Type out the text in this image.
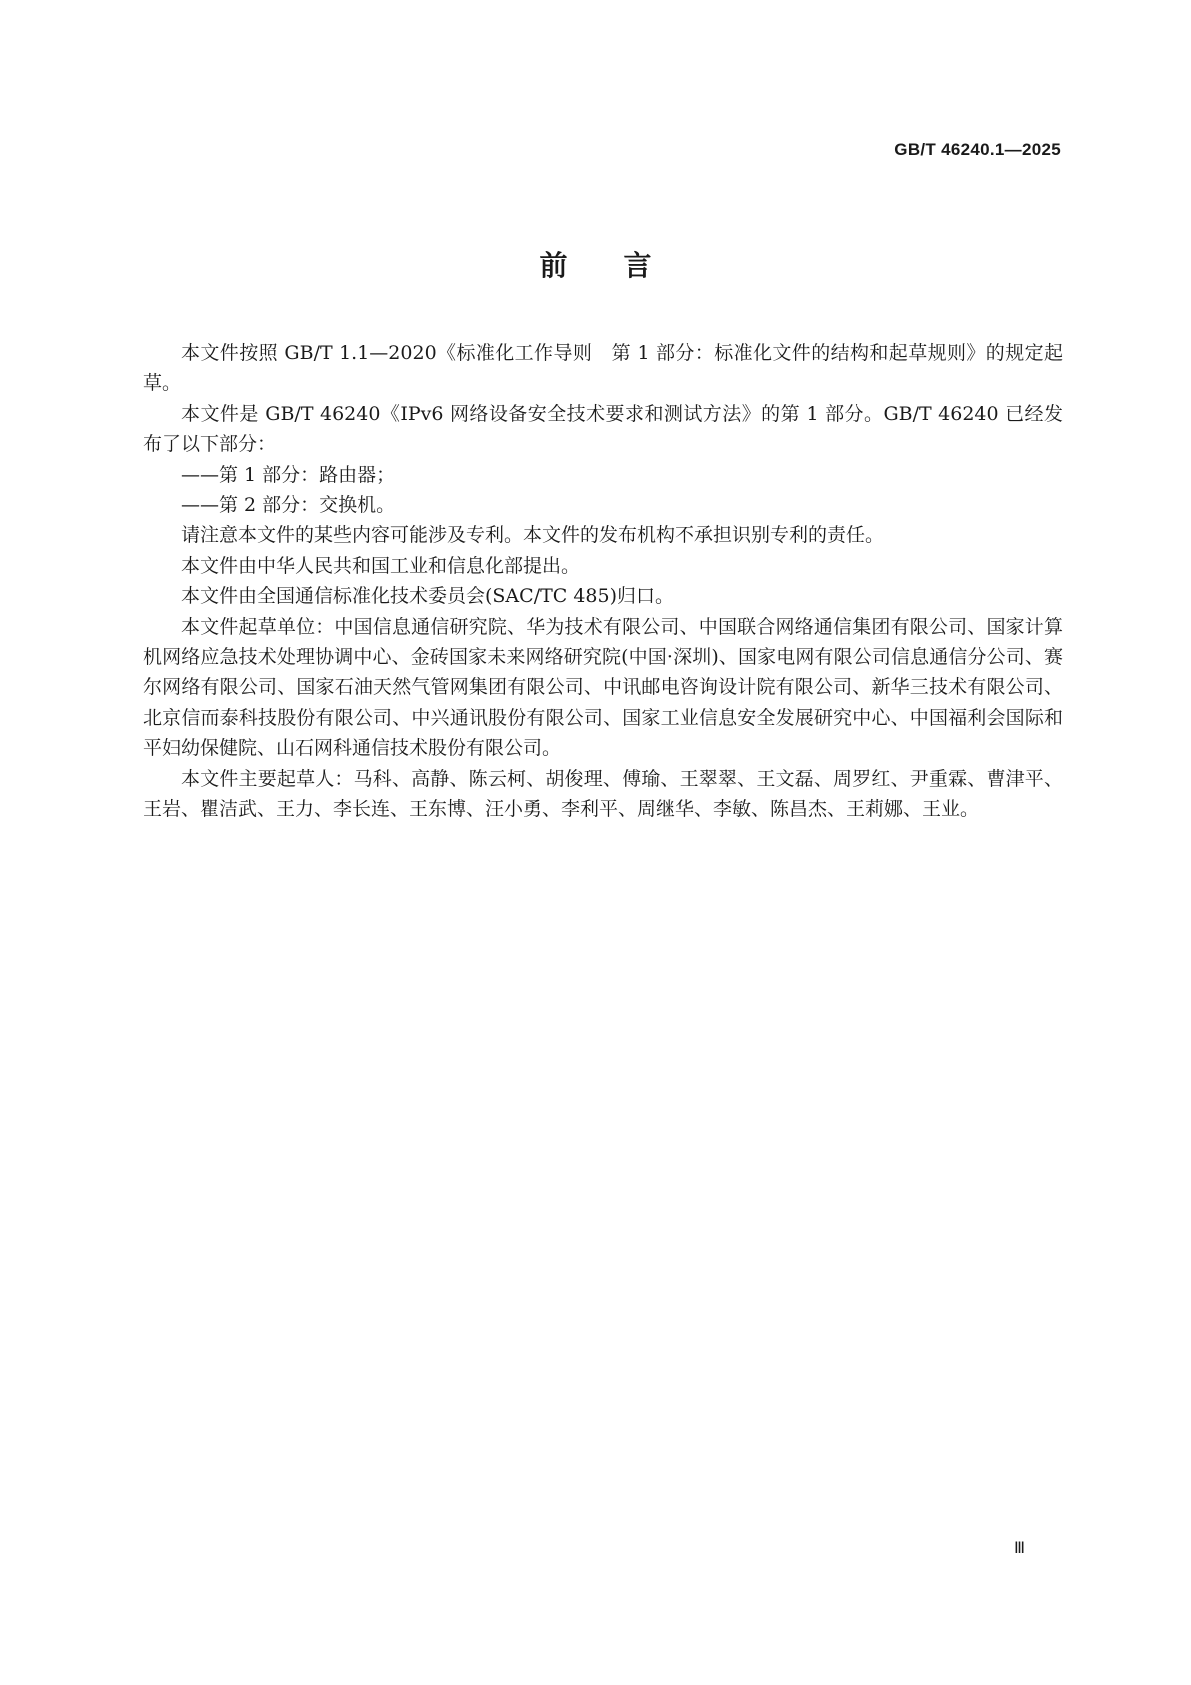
GB/T 46240.1—2025
前言

本文件按照 GB/T 1.1—2020《标准化工作导则　第 1 部分：标准化文件的结构和起草规则》的规定起草。

本文件是 GB/T 46240《IPv6 网络设备安全技术要求和测试方法》的第 1 部分。GB/T 46240 已经发布了以下部分：

——第 1 部分：路由器；

——第 2 部分：交换机。

请注意本文件的某些内容可能涉及专利。本文件的发布机构不承担识别专利的责任。

本文件由中华人民共和国工业和信息化部提出。

本文件由全国通信标准化技术委员会(SAC/TC 485)归口。

本文件起草单位：中国信息通信研究院、华为技术有限公司、中国联合网络通信集团有限公司、国家计算机网络应急技术处理协调中心、金砖国家未来网络研究院(中国·深圳)、国家电网有限公司信息通信分公司、赛尔网络有限公司、国家石油天然气管网集团有限公司、中讯邮电咨询设计院有限公司、新华三技术有限公司、北京信而泰科技股份有限公司、中兴通讯股份有限公司、国家工业信息安全发展研究中心、中国福利会国际和平妇幼保健院、山石网科通信技术股份有限公司。

本文件主要起草人：马科、高静、陈云柯、胡俊理、傅瑜、王翠翠、王文磊、周罗红、尹重霖、曹津平、王岩、瞿洁武、王力、李长连、王东博、汪小勇、李利平、周继华、李敏、陈昌杰、王莉娜、王业。

Ⅲ
